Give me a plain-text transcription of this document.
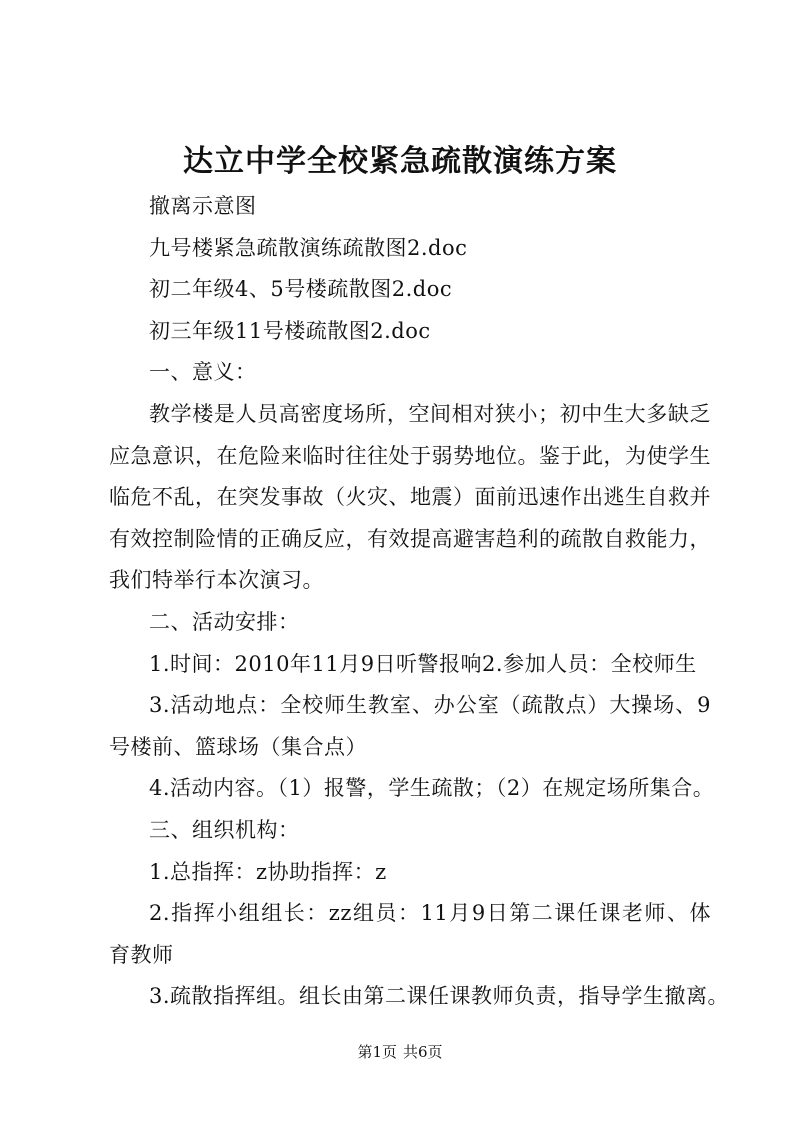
达立中学全校紧急疏散演练方案

撤离示意图

九号楼紧急疏散演练疏散图2.doc

初二年级4、5号楼疏散图2.doc

初三年级11号楼疏散图2.doc

一、意义：

教学楼是人员高密度场所，空间相对狭小；初中生大多缺乏

应急意识，在危险来临时往往处于弱势地位。鉴于此，为使学生

临危不乱，在突发事故（火灾、地震）面前迅速作出逃生自救并

有效控制险情的正确反应，有效提高避害趋利的疏散自救能力，

我们特举行本次演习。

二、活动安排：

1.时间：2010年11月9日听警报响2.参加人员：全校师生

3.活动地点：全校师生教室、办公室（疏散点）大操场、9

号楼前、篮球场（集合点）

4.活动内容。（1）报警，学生疏散；（2）在规定场所集合。

三、组织机构：

1.总指挥：z协助指挥：z

2.指挥小组组长：zz组员：11月9日第二课任课老师、体

育教师

3.疏散指挥组。组长由第二课任课教师负责，指导学生撤离。

第1页 共6页
